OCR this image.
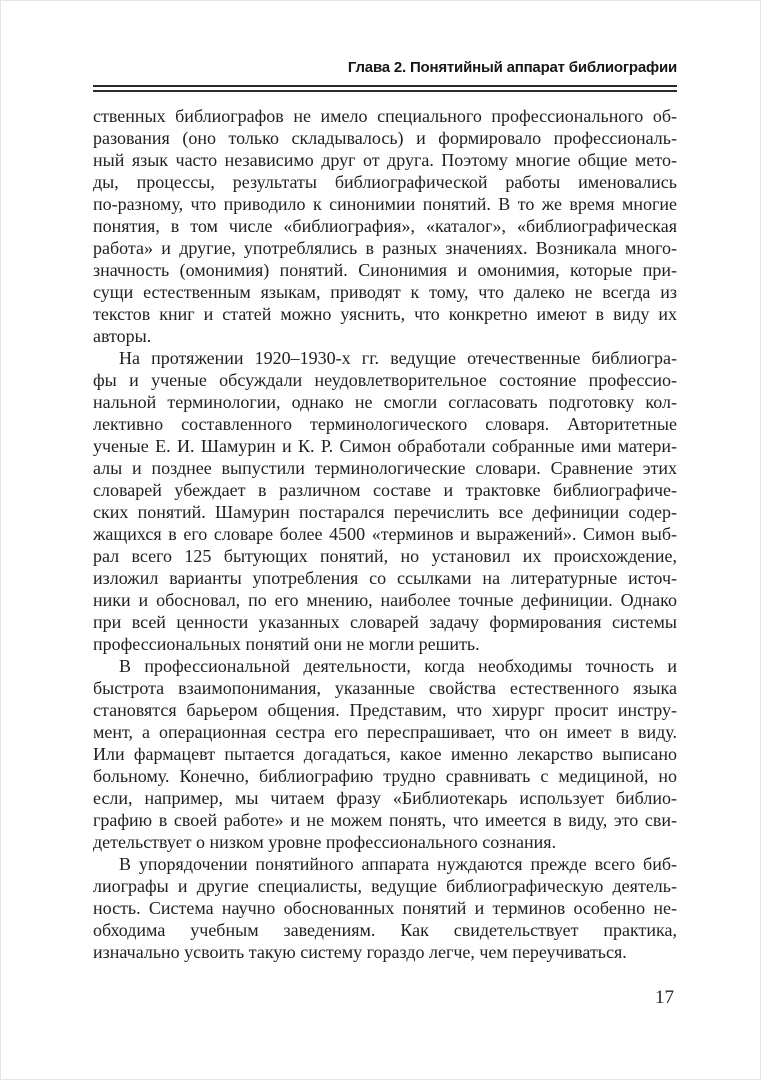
Глава 2. Понятийный аппарат библиографии
ственных библиографов не имело специального профессионального об-
разования (оно только складывалось) и формировало профессиональ-
ный язык часто независимо друг от друга. Поэтому многие общие мето-
ды, процессы, результаты библиографической работы именовались
по-разному, что приводило к синонимии понятий. В то же время многие
понятия, в том числе «библиография», «каталог», «библиографическая
работа» и другие, употреблялись в разных значениях. Возникала много-
значность (омонимия) понятий. Синонимия и омонимия, которые при-
сущи естественным языкам, приводят к тому, что далеко не всегда из
текстов книг и статей можно уяснить, что конкретно имеют в виду их
авторы.
На протяжении 1920–1930-х гг. ведущие отечественные библиогра-
фы и ученые обсуждали неудовлетворительное состояние профессио-
нальной терминологии, однако не смогли согласовать подготовку кол-
лективно составленного терминологического словаря. Авторитетные
ученые Е. И. Шамурин и К. Р. Симон обработали собранные ими матери-
алы и позднее выпустили терминологические словари. Сравнение этих
словарей убеждает в различном составе и трактовке библиографиче-
ских понятий. Шамурин постарался перечислить все дефиниции содер-
жащихся в его словаре более 4500 «терминов и выражений». Симон выб-
рал всего 125 бытующих понятий, но установил их происхождение,
изложил варианты употребления со ссылками на литературные источ-
ники и обосновал, по его мнению, наиболее точные дефиниции. Однако
при всей ценности указанных словарей задачу формирования системы
профессиональных понятий они не могли решить.
В профессиональной деятельности, когда необходимы точность и
быстрота взаимопонимания, указанные свойства естественного языка
становятся барьером общения. Представим, что хирург просит инстру-
мент, а операционная сестра его переспрашивает, что он имеет в виду.
Или фармацевт пытается догадаться, какое именно лекарство выписано
больному. Конечно, библиографию трудно сравнивать с медициной, но
если, например, мы читаем фразу «Библиотекарь использует библио-
графию в своей работе» и не можем понять, что имеется в виду, это сви-
детельствует о низком уровне профессионального сознания.
В упорядочении понятийного аппарата нуждаются прежде всего биб-
лиографы и другие специалисты, ведущие библиографическую деятель-
ность. Система научно обоснованных понятий и терминов особенно не-
обходима учебным заведениям. Как свидетельствует практика,
изначально усвоить такую систему гораздо легче, чем переучиваться.
17
